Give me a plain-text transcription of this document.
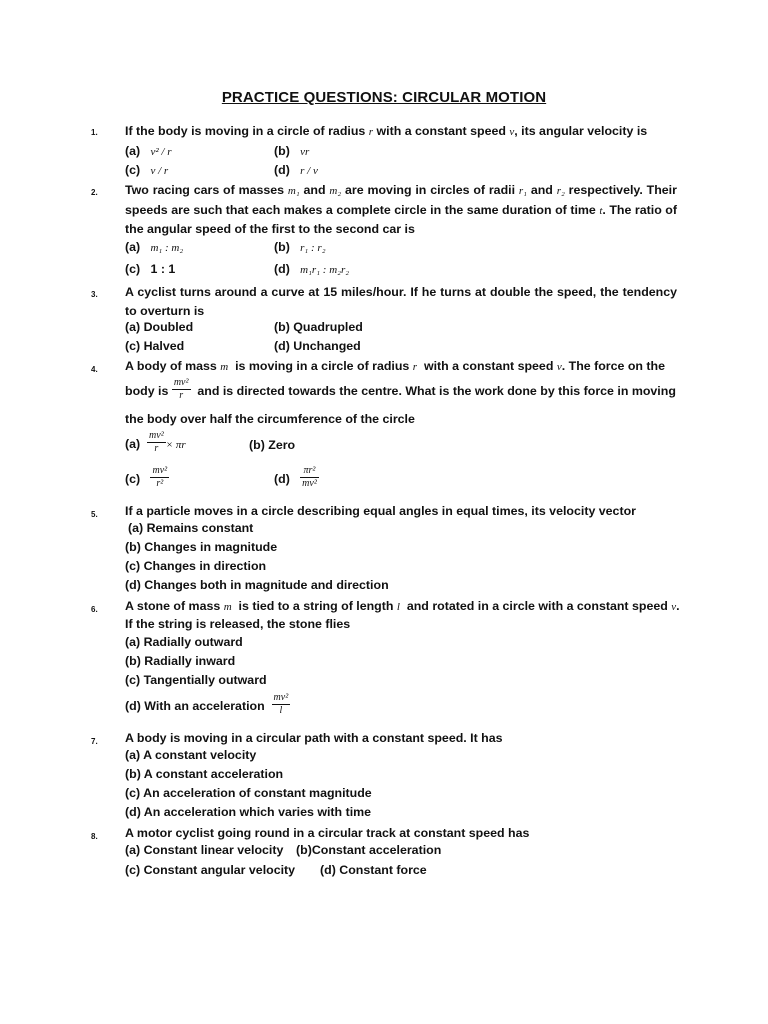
PRACTICE QUESTIONS: CIRCULAR MOTION
1. If the body is moving in a circle of radius r with a constant speed v, its angular velocity is
(a) v² / r	(b) vr
(c) v / r	(d) r / v
2. Two racing cars of masses m₁ and m₂ are moving in circles of radii r₁ and r₂ respectively. Their speeds are such that each makes a complete circle in the same duration of time t. The ratio of the angular speed of the first to the second car is
(a) m₁ : m₂	(b) r₁ : r₂
(c) 1 : 1	(d) m₁r₁ : m₂r₂
3. A cyclist turns around a curve at 15 miles/hour. If he turns at double the speed, the tendency to overturn is
(a) Doubled	(b) Quadrupled
(c) Halved	(d) Unchanged
4. A body of mass m is moving in a circle of radius r with a constant speed v. The force on the
body is $\frac{\text{mv²}}{r}$ and is directed towards the centre. What is the work done by this force in moving
the body over half the circumference of the circle
$(a) \frac{\text{mv²}}{r} \times \pi r$	(b) Zero
$(c) \frac{\text{mv²}}{\text{r²}}$	$(d) \frac{\text{πr²}}{\text{mv²}}$
5. If a particle moves in a circle describing equal angles in equal times, its velocity vector
(a) Remains constant
(b) Changes in magnitude
(c) Changes in direction
(d) Changes both in magnitude and direction
6. A stone of mass m is tied to a string of length l and rotated in a circle with a constant speed v.
If the string is released, the stone flies
(a) Radially outward
(b) Radially inward
(c) Tangentially outward
(d) With an acceleration $\frac{\text{mv²}}{l}$
7. A body is moving in a circular path with a constant speed. It has
(a) A constant velocity
(b) A constant acceleration
(c) An acceleration of constant magnitude
(d) An acceleration which varies with time
8. A motor cyclist going round in a circular track at constant speed has
(a) Constant linear velocity (b)Constant acceleration
(c) Constant angular velocity (d) Constant force
